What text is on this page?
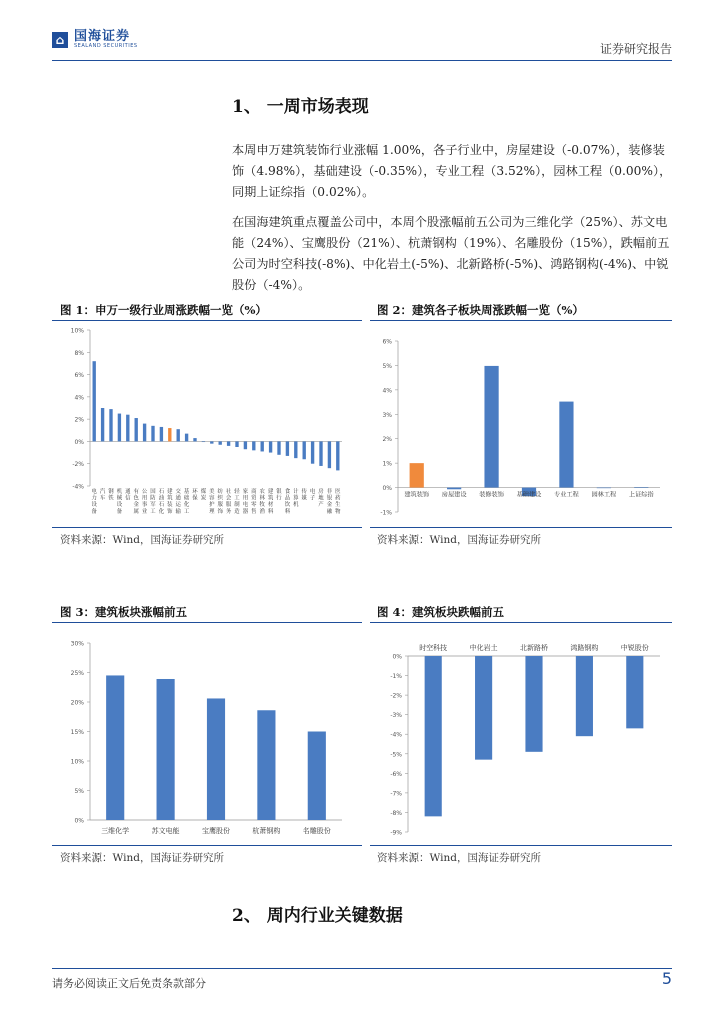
⌂ 国海证券
SEALAND SECURITIES	证券研究报告
1、 一周市场表现

本周申万建筑装饰行业涨幅 1.00%，各子行业中，房屋建设（-0.07%），装修装饰（4.98%），基础建设（-0.35%），专业工程（3.52%），园林工程（0.00%），同期上证综指（0.02%）。

在国海建筑重点覆盖公司中，本周个股涨幅前五公司为三维化学（25%）、苏文电能（24%）、宝鹰股份（21%）、杭萧钢构（19%）、名雕股份（15%），跌幅前五公司为时空科技(-8%)、中化岩土(-5%)、北新路桥(-5%)、鸿路钢构(-4%)、中锐股份（-4%）。

图 1：申万一级行业周涨跌幅一览（%）
-4%
-2%
0%
2%
4%
6%
8%
10%
电
力
设
备
汽
车
钢
铁
机
械
设
备
通
信
有
色
金
属
公
用
事
业
国
防
军
工
石
油
石
化
建
筑
装
饰
交
通
运
输
基
础
化
工
环
保
煤
炭
美
容
护
理
纺
织
服
饰
社
会
服
务
轻
工
制
造
家
用
电
器
商
贸
零
售
农
林
牧
渔
建
筑
材
料
银
行
食
品
饮
料
计
算
机
传
媒
电
子
房
地
产
非
银
金
融
医
药
生
物
资料来源：Wind，国海证券研究所
图 2：建筑各子板块周涨跌幅一览（%）
-1%
0%
1%
2%
3%
4%
5%
6%
建筑装饰 房屋建设 装修装饰 基础建设 专业工程 园林工程 上证综指
资料来源：Wind，国海证券研究所
图 3：建筑板块涨幅前五
0%
5%
10%
15%
20%
25%
30%
三维化学	苏文电能	宝鹰股份	杭萧钢构	名雕股份
资料来源：Wind，国海证券研究所
图 4：建筑板块跌幅前五
0%
-1%
-2%
-3%
-4%
-5%
-6%
-7%
-8%
-9%
时空科技	中化岩土	北新路桥	鸿路钢构	中锐股份
资料来源：Wind，国海证券研究所
2、 周内行业关键数据
请务必阅读正文后免责条款部分	5
